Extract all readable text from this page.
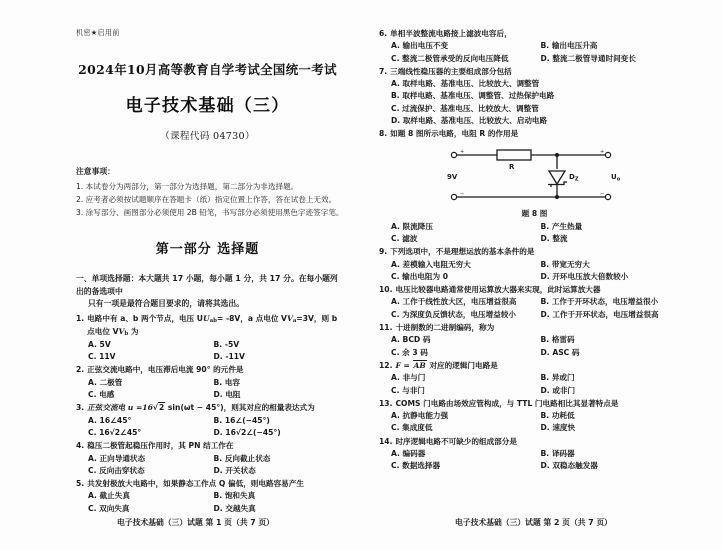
机密★启用前
2024年10月高等教育自学考试全国统一考试
电子技术基础（三）
（课程代码 04730）
注意事项：
1. 本试卷分为两部分，第一部分为选择题，第二部分为非选择题。
2. 应考者必须按试题顺序在答题卡（纸）指定位置上作答，答在试卷上无效。
3. 涂写部分、画图部分必须使用 2B 铅笔，书写部分必须使用黑色字迹签字笔。
第一部分 选择题
一、单项选择题：本大题共 17 小题，每小题 1 分，共 17 分。在每小题列出的备选项中
只有一项是最符合题目要求的，请将其选出。
1. 电路中有 a、b 两个节点，电压 $UU_{ab}= -8V$，a 点电位 $VV_a=3V$，则 b 点电位 $VV_b$ 为
A. 5V	B. -5V
C. 11V	D. -11V
2. 正弦交流电路中，电压滞后电流 90° 的元件是
A. 二极管	B. 电容
C. 电感	D. 电阻
3. 正弦交流电 u =16√2 sin(ωt − 45°)，则其对应的相量表达式为
A. 16∠45°	B. 16∠(−45°)
C. 16√2∠45°	D. 16√2∠(−45°)
4. 稳压二极管起稳压作用时，其 PN 结工作在
A. 正向导通状态	B. 反向截止状态
C. 反向击穿状态	D. 开关状态
5. 共发射极放大电路中，如果静态工作点 Q 偏低，则电路容易产生
A. 截止失真	B. 饱和失真
C. 双向失真	D. 交越失真
电子技术基础（三）试题 第 1 页（共 7 页）
6. 单相半波整流电路接上滤波电容后，
A. 输出电压不变	B. 输出电压升高
C. 整流二极管承受的反向电压降低	D. 整流二极管导通时间变长
7. 三端线性稳压器的主要组成部分包括
A. 取样电路、基准电压、比较放大、调整管
B. 取样电路、基准电压、调整管、过热保护电路
C. 过流保护、基准电压、比较放大、调整管
D. 取样电路、基准电压、比较放大、启动电路
8. 如题 8 图所示电路，电阻 R 的作用是
+
−
+
−
R
9V	$D_Z$	$U_o$
题 8 图
A. 限流降压	B. 产生热量
C. 滤波	D. 整流
9. 下列选项中，不是理想运放的基本条件的是
A. 差模输入电阻无穷大	B. 带宽无穷大
C. 输出电阻为 0	D. 开环电压放大倍数较小
10. 电压比较器电路通常使用运算放大器来实现，此时运算放大器
A. 工作于线性放大区，电压增益很高	B. 工作于开环状态，电压增益很小
C. 为深度负反馈状态，电压增益较小	D. 工作于开环状态，电压增益很高
11. 十进制数的二进制编码，称为
A. BCD 码	B. 格雷码
C. 余 3 码	D. ASC 码
12. F = AB 对应的逻辑门电路是
A. 非与门	B. 异或门
C. 与非门	D. 或非门
13. COMS 门电路由场效应管构成，与 TTL 门电路相比其显著特点是
A. 抗静电能力强	B. 功耗低
C. 集成度低	D. 速度快
14. 时序逻辑电路不可缺少的组成部分是
A. 编码器	B. 译码器
C. 数据选择器	D. 双稳态触发器
电子技术基础（三）试题 第 2 页（共 7 页）
